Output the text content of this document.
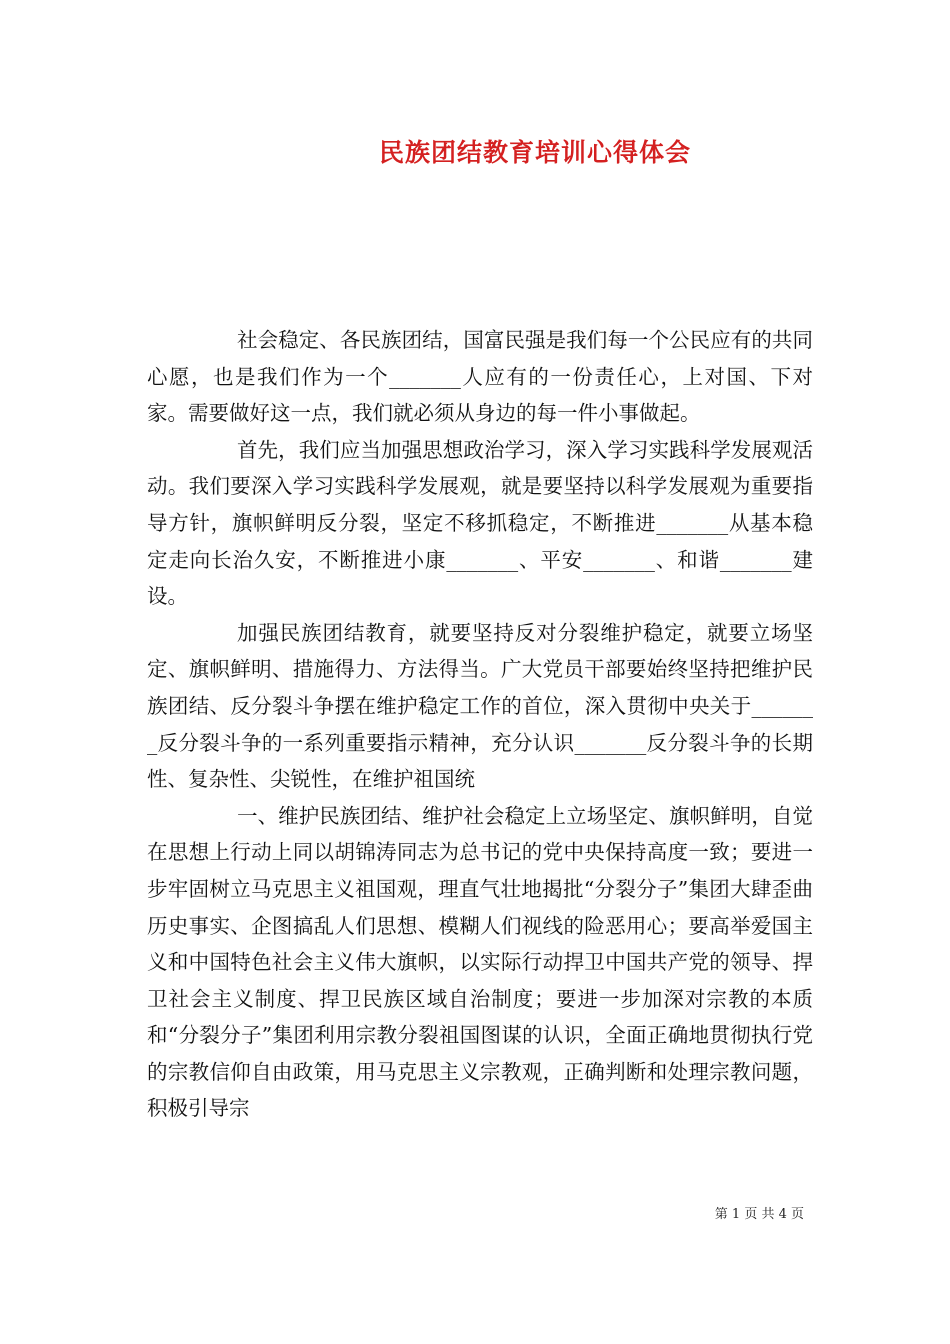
民族团结教育培训心得体会

社会稳定、各民族团结，国富民强是我们每一个公民应有的共同心愿，也是我们作为一个_______人应有的一份责任心，上对国、下对家。需要做好这一点，我们就必须从身边的每一件小事做起。

首先，我们应当加强思想政治学习，深入学习实践科学发展观活动。我们要深入学习实践科学发展观，就是要坚持以科学发展观为重要指导方针，旗帜鲜明反分裂，坚定不移抓稳定，不断推进_______从基本稳定走向长治久安，不断推进小康_______、平安_______、和谐_______建设。

加强民族团结教育，就要坚持反对分裂维护稳定，就要立场坚定、旗帜鲜明、措施得力、方法得当。广大党员干部要始终坚持把维护民族团结、反分裂斗争摆在维护稳定工作的首位，深入贯彻中央关于_______反分裂斗争的一系列重要指示精神，充分认识_______反分裂斗争的长期性、复杂性、尖锐性，在维护祖国统

一、维护民族团结、维护社会稳定上立场坚定、旗帜鲜明，自觉在思想上行动上同以胡锦涛同志为总书记的党中央保持高度一致；要进一步牢固树立马克思主义祖国观，理直气壮地揭批“分裂分子”集团大肆歪曲历史事实、企图搞乱人们思想、模糊人们视线的险恶用心；要高举爱国主义和中国特色社会主义伟大旗帜，以实际行动捍卫中国共产党的领导、捍卫社会主义制度、捍卫民族区域自治制度；要进一步加深对宗教的本质和“分裂分子”集团利用宗教分裂祖国图谋的认识，全面正确地贯彻执行党的宗教信仰自由政策，用马克思主义宗教观，正确判断和处理宗教问题，积极引导宗

第 1 页 共 4 页
